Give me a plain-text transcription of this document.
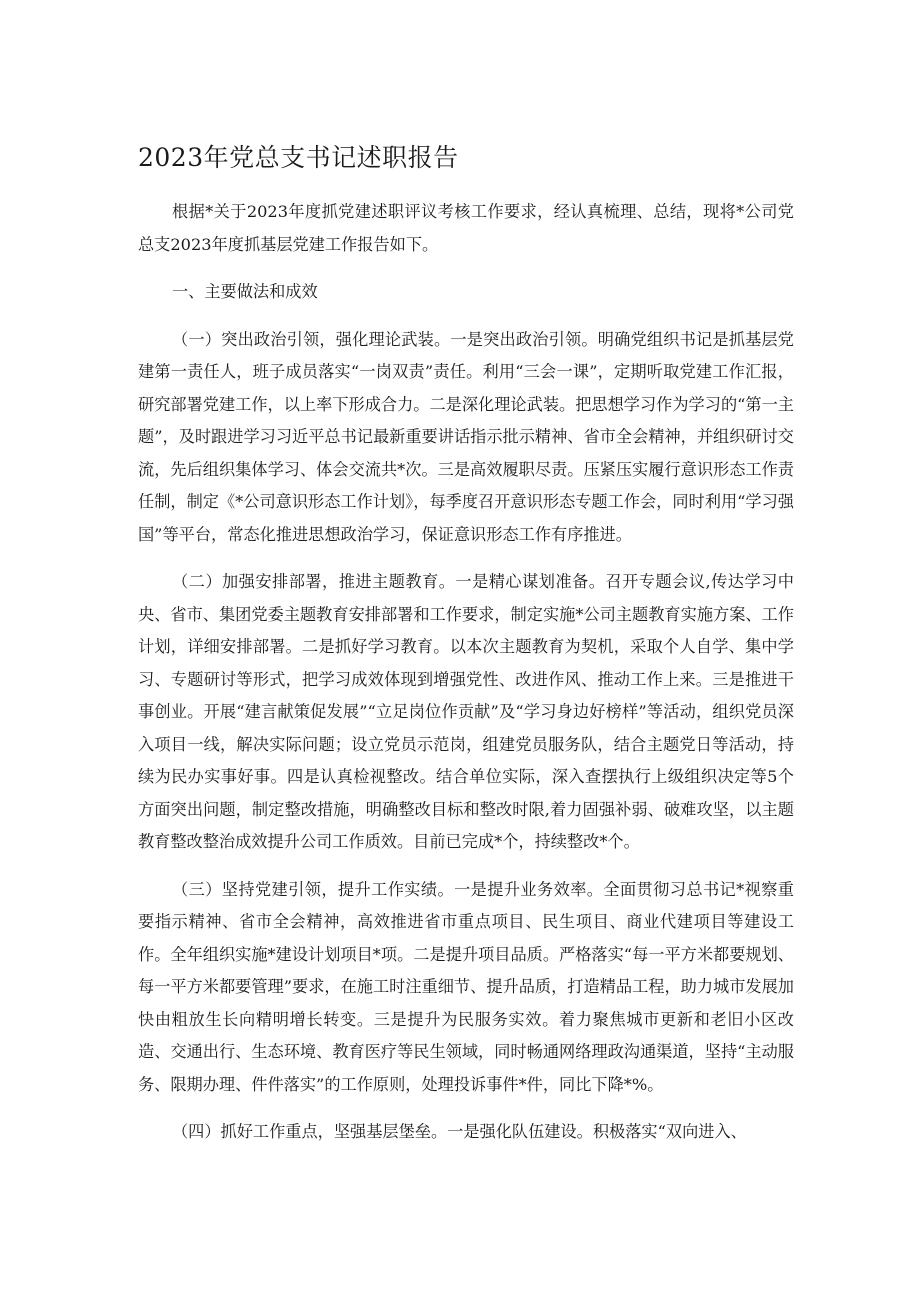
2023年党总支书记述职报告

根据*关于2023年度抓党建述职评议考核工作要求，经认真梳理、总结，现将*公司党总支2023年度抓基层党建工作报告如下。

一、主要做法和成效

（一）突出政治引领，强化理论武装。一是突出政治引领。明确党组织书记是抓基层党建第一责任人，班子成员落实“一岗双责”责任。利用“三会一课”，定期听取党建工作汇报，研究部署党建工作，以上率下形成合力。二是深化理论武装。把思想学习作为学习的“第一主题”，及时跟进学习习近平总书记最新重要讲话指示批示精神、省市全会精神，并组织研讨交流，先后组织集体学习、体会交流共*次。三是高效履职尽责。压紧压实履行意识形态工作责任制，制定《*公司意识形态工作计划》，每季度召开意识形态专题工作会，同时利用“学习强国”等平台，常态化推进思想政治学习，保证意识形态工作有序推进。

（二）加强安排部署，推进主题教育。一是精心谋划准备。召开专题会议,传达学习中央、省市、集团党委主题教育安排部署和工作要求，制定实施*公司主题教育实施方案、工作计划，详细安排部署。二是抓好学习教育。以本次主题教育为契机，采取个人自学、集中学习、专题研讨等形式，把学习成效体现到增强党性、改进作风、推动工作上来。三是推进干事创业。开展“建言献策促发展”“立足岗位作贡献”及“学习身边好榜样”等活动，组织党员深入项目一线，解决实际问题；设立党员示范岗，组建党员服务队，结合主题党日等活动，持续为民办实事好事。四是认真检视整改。结合单位实际，深入查摆执行上级组织决定等5个方面突出问题，制定整改措施，明确整改目标和整改时限,着力固强补弱、破难攻坚，以主题教育整改整治成效提升公司工作质效。目前已完成*个，持续整改*个。

（三）坚持党建引领，提升工作实绩。一是提升业务效率。全面贯彻习总书记*视察重要指示精神、省市全会精神，高效推进省市重点项目、民生项目、商业代建项目等建设工作。全年组织实施*建设计划项目*项。二是提升项目品质。严格落实“每一平方米都要规划、每一平方米都要管理”要求，在施工时注重细节、提升品质，打造精品工程，助力城市发展加快由粗放生长向精明增长转变。三是提升为民服务实效。着力聚焦城市更新和老旧小区改造、交通出行、生态环境、教育医疗等民生领域，同时畅通网络理政沟通渠道，坚持“主动服务、限期办理、件件落实”的工作原则，处理投诉事件*件，同比下降*%。

（四）抓好工作重点，坚强基层堡垒。一是强化队伍建设。积极落实“双向进入、
